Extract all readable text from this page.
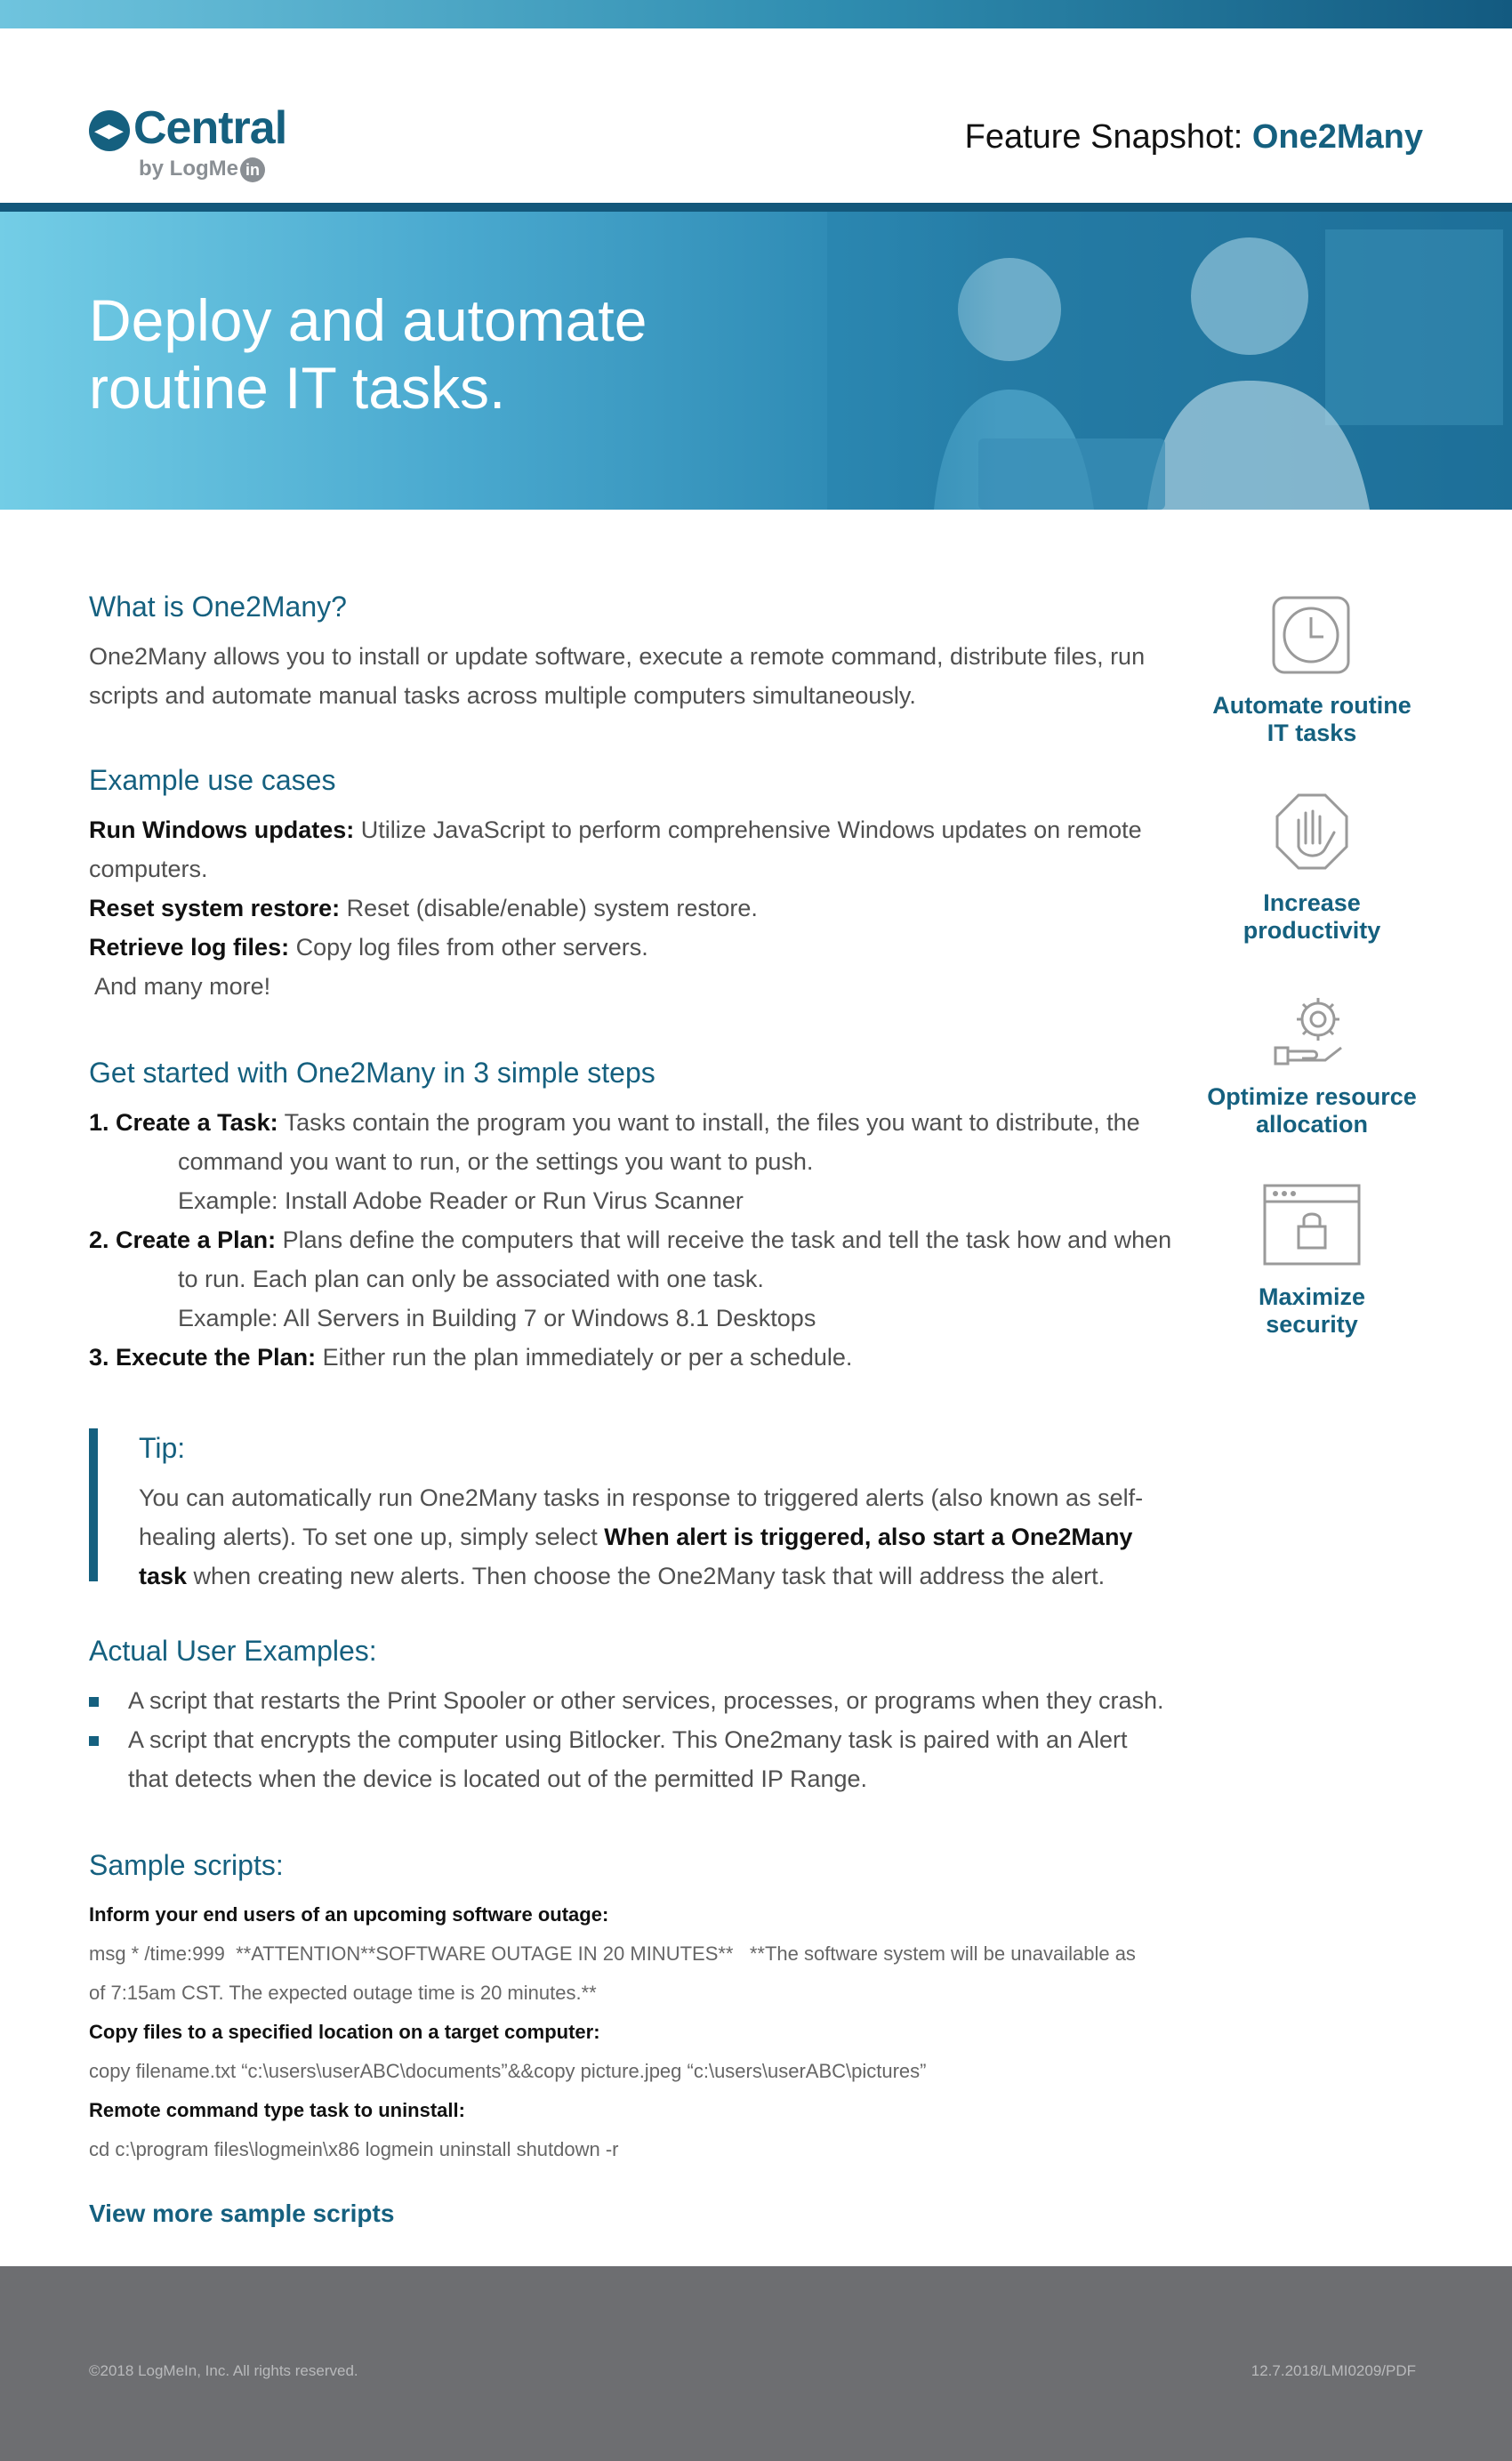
◀ ▶ Central
by LogMe in
Feature Snapshot: One2Many
Deploy and automate
routine IT tasks.
What is One2Many?

One2Many allows you to install or update software, execute a remote command, distribute files, run scripts and automate manual tasks across multiple computers simultaneously.

Example use cases

Run Windows updates: Utilize JavaScript to perform comprehensive Windows updates on remote computers.

Reset system restore: Reset (disable/enable) system restore.

Retrieve log files: Copy log files from other servers.

And many more!

Get started with One2Many in 3 simple steps

1. Create a Task: Tasks contain the program you want to install, the files you want to distribute, the

command you want to run, or the settings you want to push.

Example: Install Adobe Reader or Run Virus Scanner

2. Create a Plan: Plans define the computers that will receive the task and tell the task how and when

to run. Each plan can only be associated with one task.

Example: All Servers in Building 7 or Windows 8.1 Desktops

3. Execute the Plan: Either run the plan immediately or per a schedule.

Tip:

You can automatically run One2Many tasks in response to triggered alerts (also known as self-healing alerts). To set one up, simply select When alert is triggered, also start a One2Many task when creating new alerts. Then choose the One2Many task that will address the alert.

Actual User Examples:
A script that restarts the Print Spooler or other services, processes, or programs when they crash.
A script that encrypts the computer using Bitlocker. This One2many task is paired with an Alert that detects when the device is located out of the permitted IP Range.
Sample scripts:

Inform your end users of an upcoming software outage:

msg * /time:999  **ATTENTION**SOFTWARE OUTAGE IN 20 MINUTES**   **The software system will be unavailable as

of 7:15am CST. The expected outage time is 20 minutes.**

Copy files to a specified location on a target computer:

copy filename.txt “c:\users\userABC\documents”&&copy picture.jpeg “c:\users\userABC\pictures”

Remote command type task to uninstall:

cd c:\program files\logmein\x86 logmein uninstall shutdown -r

View more sample scripts
Automate routine
IT tasks
Increase
productivity
Optimize resource
allocation
Maximize
security
©2018 LogMeIn, Inc. All rights reserved.	12.7.2018/LMI0209/PDF
